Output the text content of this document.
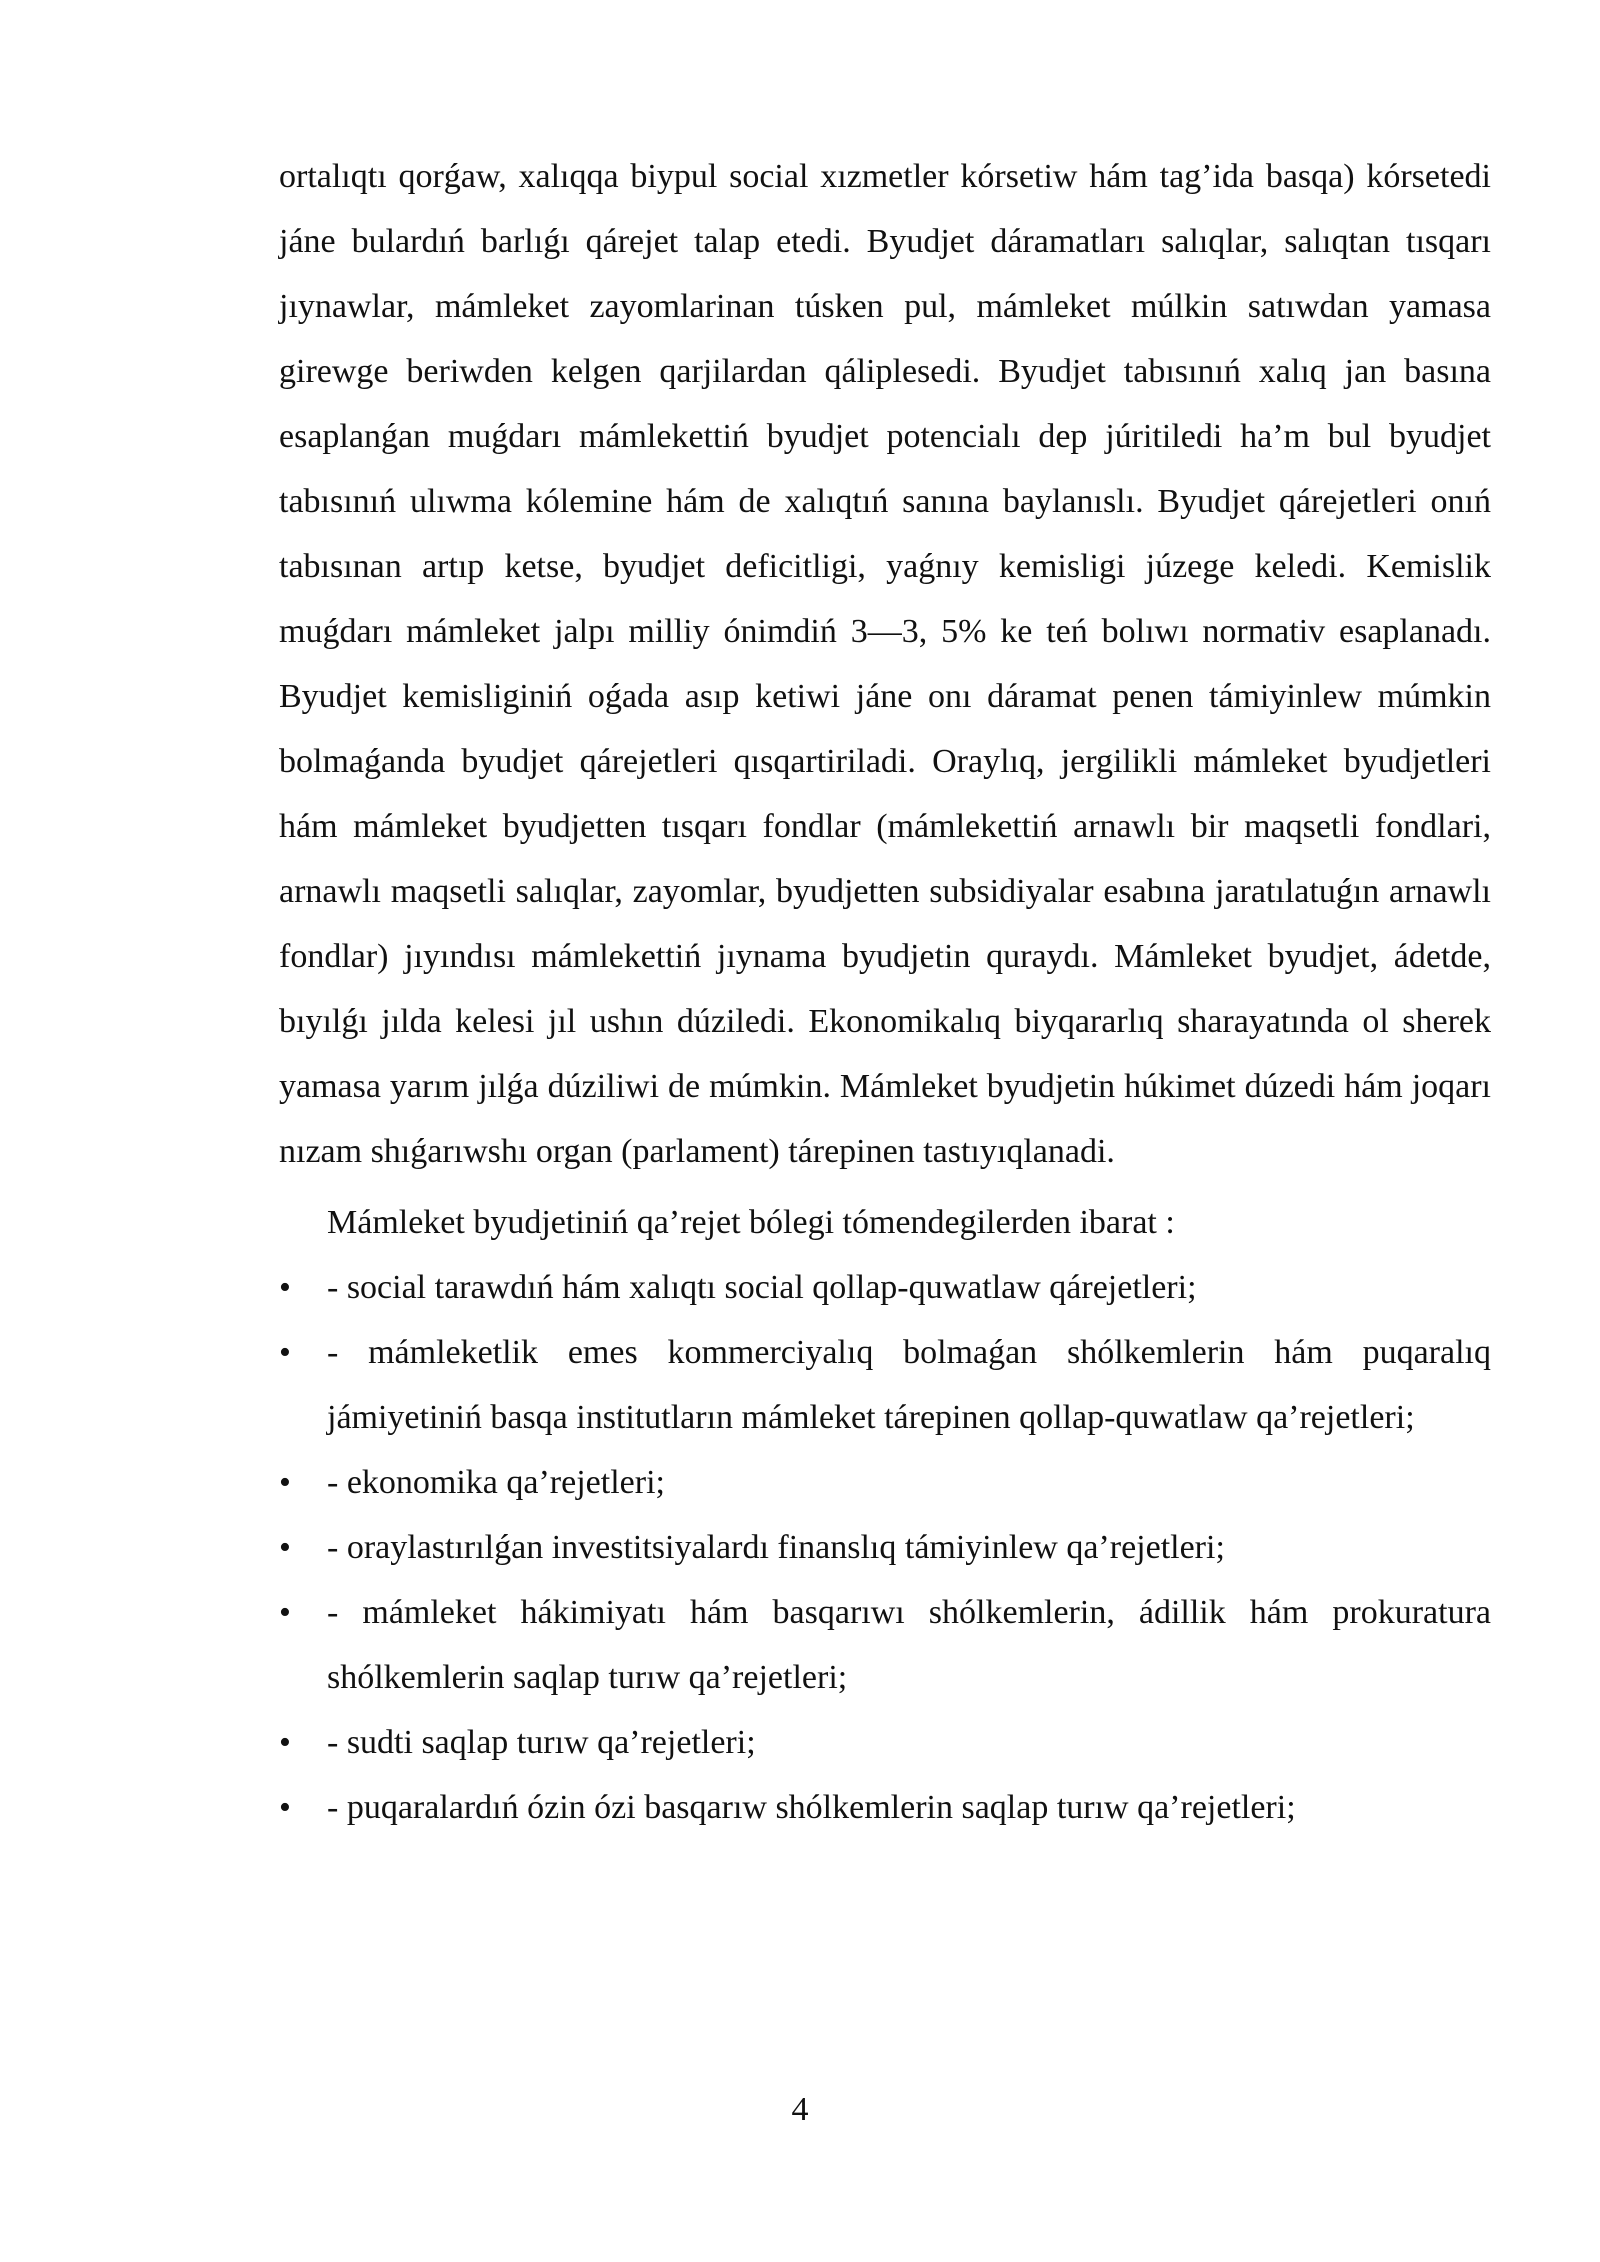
ortalıqtı qorǵaw, xalıqqa biypul social xızmetler kórsetiw hám tag’ida basqa) kórsetedi jáne bulardıń barlıǵı qárejet talap etedi. Byudjet dáramatları salıqlar, salıqtan tısqarı jıynawlar, mámleket zayomlarinan túsken pul, mámleket múlkin satıwdan yamasa girewge beriwden kelgen qarjilardan qáliplesedi. Byudjet tabısınıń xalıq jan basına esaplanǵan muǵdarı mámlekettiń byudjet potencialı dep júritiledi ha’m bul byudjet tabısınıń ulıwma kólemine hám de xalıqtıń sanına baylanıslı. Byudjet qárejetleri onıń tabısınan artıp ketse, byudjet deficitligi, yaǵnıy kemisligi júzege keledi. Kemislik muǵdarı mámleket jalpı milliy ónimdiń 3—3, 5% ke teń bolıwı normativ esaplanadı. Byudjet kemisliginiń oǵada asıp ketiwi jáne onı dáramat penen támiyinlew múmkin bolmaǵanda byudjet qárejetleri qısqartiriladi. Oraylıq, jergilikli mámleket byudjetleri hám mámleket byudjetten tısqarı fondlar (mámlekettiń arnawlı bir maqsetli fondlari, arnawlı maqsetli salıqlar, zayomlar, byudjetten subsidiyalar esabına jaratılatuǵın arnawlı fondlar) jıyındısı mámlekettiń jıynama byudjetin quraydı. Mámleket byudjet, ádetde, bıyılǵı jılda kelesi jıl ushın dúziledi. Ekonomikalıq biyqararlıq sharayatında ol sherek yamasa yarım jılǵa dúziliwi de múmkin. Mámleket byudjetin húkimet dúzedi hám joqarı nızam shıǵarıwshı organ (parlament) tárepinen tastıyıqlanadi.

Mámleket byudjetiniń qa’rejet bólegi tómendegilerden ibarat :

• - social tarawdıń hám xalıqtı social qollap-quwatlaw qárejetleri;
• - mámleketlik emes kommerciyalıq bolmaǵan shólkemlerin hám puqaralıq jámiyetiniń basqa institutların mámleket tárepinen qollap-quwatlaw qa’rejetleri;
• - ekonomika qa’rejetleri;
• - oraylastırılǵan investitsiyalardı finanslıq támiyinlew qa’rejetleri;
• - mámleket hákimiyatı hám basqarıwı shólkemlerin, ádillik hám prokuratura shólkemlerin saqlap turıw qa’rejetleri;
• - sudti saqlap turıw qa’rejetleri;
• - puqaralardıń ózin ózi basqarıw shólkemlerin saqlap turıw qa’rejetleri;
4
